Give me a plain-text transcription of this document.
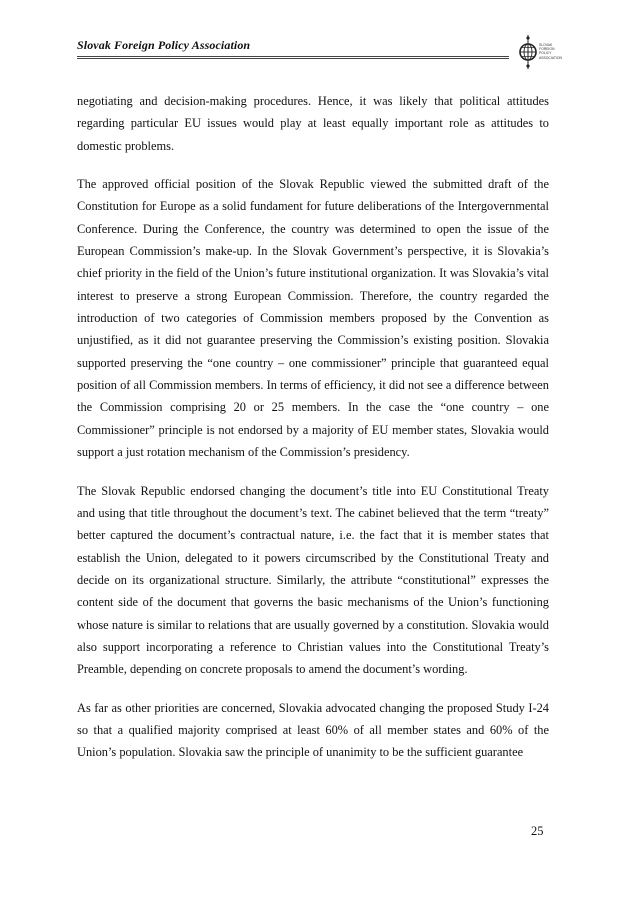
Slovak Foreign Policy Association	SLOVAK FOREIGN POLICY ASSOCIATION

negotiating and decision-making procedures. Hence, it was likely that political attitudes regarding particular EU issues would play at least equally important role as attitudes to domestic problems.

The approved official position of the Slovak Republic viewed the submitted draft of the Constitution for Europe as a solid fundament for future deliberations of the Intergovernmental Conference. During the Conference, the country was determined to open the issue of the European Commission’s make-up. In the Slovak Government’s perspective, it is Slovakia’s chief priority in the field of the Union’s future institutional organization. It was Slovakia’s vital interest to preserve a strong European Commission. Therefore, the country regarded the introduction of two categories of Commission members proposed by the Convention as unjustified, as it did not guarantee preserving the Commission’s existing position. Slovakia supported preserving the “one country – one commissioner” principle that guaranteed equal position of all Commission members. In terms of efficiency, it did not see a difference between the Commission comprising 20 or 25 members. In the case the “one country – one Commissioner” principle is not endorsed by a majority of EU member states, Slovakia would support a just rotation mechanism of the Commission’s presidency.

The Slovak Republic endorsed changing the document’s title into EU Constitutional Treaty and using that title throughout the document’s text. The cabinet believed that the term “treaty” better captured the document’s contractual nature, i.e. the fact that it is member states that establish the Union, delegated to it powers circumscribed by the Constitutional Treaty and decide on its organizational structure. Similarly, the attribute “constitutional” expresses the content side of the document that governs the basic mechanisms of the Union’s functioning whose nature is similar to relations that are usually governed by a constitution. Slovakia would also support incorporating a reference to Christian values into the Constitutional Treaty’s Preamble, depending on concrete proposals to amend the document’s wording.

As far as other priorities are concerned, Slovakia advocated changing the proposed Study I-24 so that a qualified majority comprised at least 60% of all member states and 60% of the Union’s population. Slovakia saw the principle of unanimity to be the sufficient guarantee

25
